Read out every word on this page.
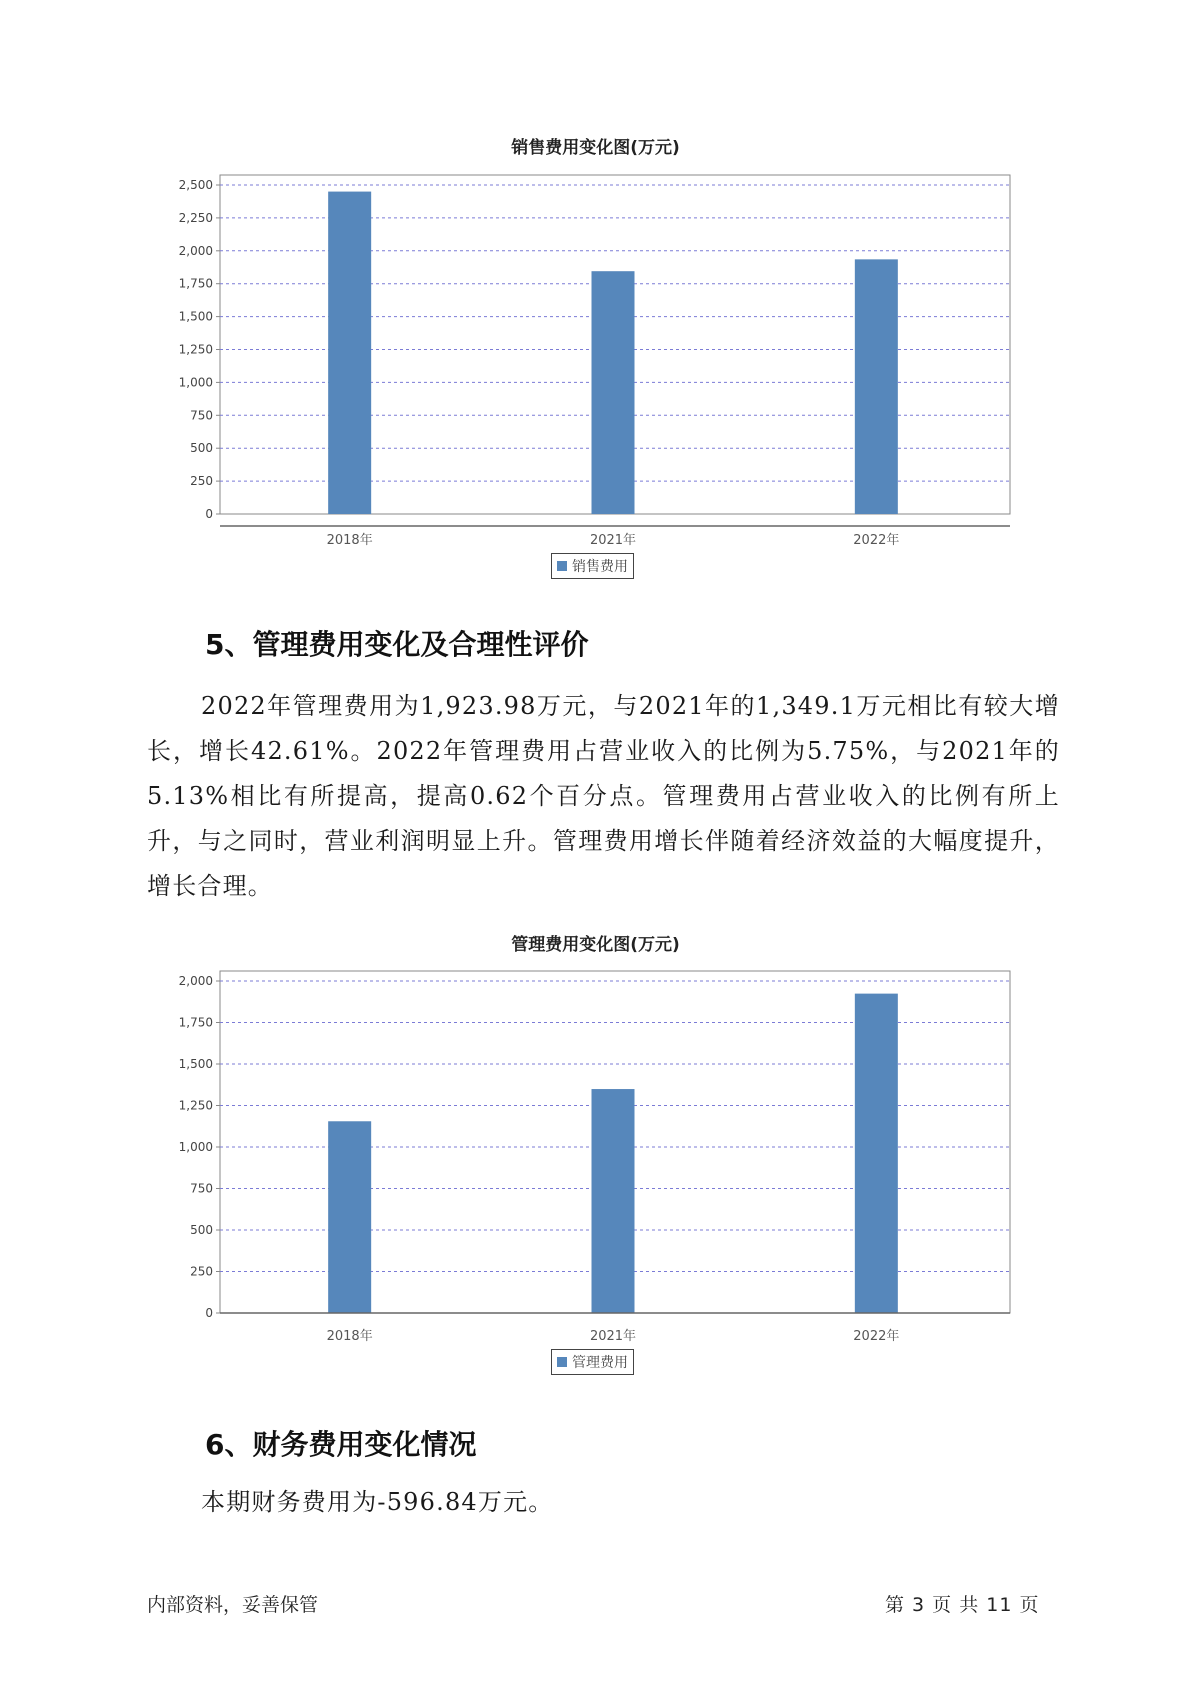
销售费用变化图(万元)
0
250
500
750
1,000
1,250
1,500
1,750
2,000
2,250
2,500
2018年	2021年	2022年
销售费用
5、管理费用变化及合理性评价

2022年管理费用为1,923.98万元，与2021年的1,349.1万元相比有较大增长，增长42.61%。2022年管理费用占营业收入的比例为5.75%，与2021年的5.13%相比有所提高，提高0.62个百分点。管理费用占营业收入的比例有所上升，与之同时，营业利润明显上升。管理费用增长伴随着经济效益的大幅度提升，增长合理。

管理费用变化图(万元)
0
250
500
750
1,000
1,250
1,500
1,750
2,000
2018年	2021年	2022年
管理费用
6、财务费用变化情况

本期财务费用为-596.84万元。

内部资料，妥善保管	第 3 页 共 11 页
